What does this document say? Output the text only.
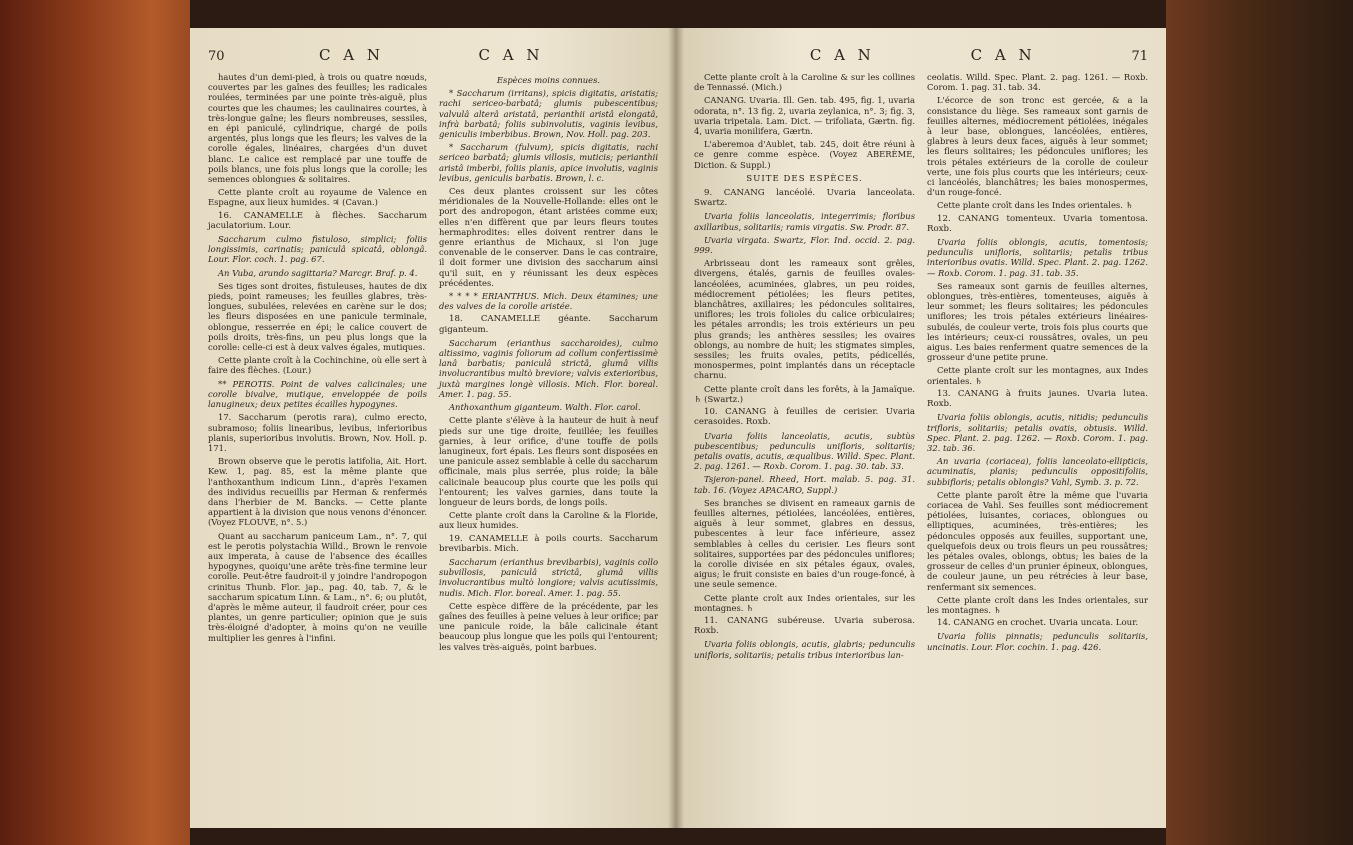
70	C A N	C A N

hautes d'un demi-pied, à trois ou quatre nœuds, couvertes par les gaînes des feuilles; les radicales roulées, terminées par une pointe très-aiguë, plus courtes que les chaumes; les caulinaires courtes, à très-longue gaîne; les fleurs nombreuses, sessiles, en épi paniculé, cylindrique, chargé de poils argentés, plus longs que les fleurs; les valves de la corolle égales, linéaires, chargées d'un duvet blanc. Le calice est remplacé par une touffe de poils blancs, une fois plus longs que la corolle; les semences oblongues & solitaires.

Cette plante croît au royaume de Valence en Espagne, aux lieux humides. ♃ (Cavan.)

16. CANAMELLE à flèches. Saccharum jaculatorium. Lour.

Saccharum culmo fistuloso, simplici; foliis longissimis, carinatis; paniculâ spicatâ, oblongâ. Lour. Flor. coch. 1. pag. 67.

An Vuba, arundo sagittaria? Marcgr. Braf. p. 4.

Ses tiges sont droites, fistuleuses, hautes de dix pieds, point rameuses; les feuilles glabres, très-longues, subulées, relevées en carène sur le dos; les fleurs disposées en une panicule terminale, oblongue, resserrée en épi; le calice couvert de poils droits, très-fins, un peu plus longs que la corolle: celle-ci est à deux valves égales, mutiques.

Cette plante croît à la Cochinchine, où elle sert à faire des flèches. (Lour.)

** PEROTIS. Point de valves calicinales; une corolle bivalve, mutique, enveloppée de poils lanugineux; deux petites écailles hypogynes.

17. Saccharum (perotis rara), culmo erecto, subramoso; foliis linearibus, levibus, inferioribus planis, superioribus involutis. Brown, Nov. Holl. p. 171.

Brown observe que le perotis latifolia, Ait. Hort. Kew. 1, pag. 85, est la même plante que l'anthoxanthum indicum Linn., d'après l'examen des individus recueillis par Herman & renfermés dans l'herbier de M. Bancks. — Cette plante appartient à la division que nous venons d'énoncer. (Voyez FLOUVE, n°. 5.)

Quant au saccharum paniceum Lam., n°. 7, qui est le perotis polystachia Willd., Brown le renvoie aux imperata, à cause de l'absence des écailles hypogynes, quoiqu'une arête très-fine termine leur corolle. Peut-être faudroit-il y joindre l'andropogon crinitus Thunb. Flor. jap., pag. 40, tab. 7, & le saccharum spicatum Linn. & Lam., n°. 6; ou plutôt, d'après le même auteur, il faudroit créer, pour ces plantes, un genre particulier; opinion que je suis très-éloigné d'adopter, à moins qu'on ne veuille multiplier les genres à l'infini.

Espèces moins connues.

* Saccharum (irritans), spicis digitatis, aristatis; rachi sericeo-barbatâ; glumis pubescentibus; valvulâ alterâ aristatâ, perianthii aristâ elongatâ, infrà barbatâ; foliis subinvolutis, vaginis levibus, geniculis imberbibus. Brown, Nov. Holl. pag. 203.

* Saccharum (fulvum), spicis digitatis, rachi sericeo barbatâ; glumis villosis, muticis; perianthii aristâ imberbi, foliis planis, apice involutis, vaginis levibus, geniculis barbatis. Brown, l. c.

Ces deux plantes croissent sur les côtes méridionales de la Nouvelle-Hollande: elles ont le port des andropogon, étant aristées comme eux; elles n'en diffèrent que par leurs fleurs toutes hermaphrodites: elles doivent rentrer dans le genre erianthus de Michaux, si l'on juge convenable de le conserver. Dans le cas contraire, il doit former une division des saccharum ainsi qu'il suit, en y réunissant les deux espèces précédentes.

* * * * ERIANTHUS. Mich. Deux étamines; une des valves de la corolle aristée.

18. CANAMELLE géante. Saccharum giganteum.

Saccharum (erianthus saccharoides), culmo altissimo, vaginis foliorum ad collum confertissimè lanâ barbatis; paniculâ strictâ, glumâ villis involucrantibus multò breviore; valvis exterioribus, juxtà margines longè villosis. Mich. Flor. boreal. Amer. 1. pag. 55.

Anthoxanthum giganteum. Walth. Flor. carol.

Cette plante s'élève à la hauteur de huit à neuf pieds sur une tige droite, feuillée; les feuilles garnies, à leur orifice, d'une touffe de poils lanugineux, fort épais. Les fleurs sont disposées en une panicule assez semblable à celle du saccharum officinale, mais plus serrée, plus roide; la bâle calicinale beaucoup plus courte que les poils qui l'entourent; les valves garnies, dans toute la longueur de leurs bords, de longs poils.

Cette plante croît dans la Caroline & la Floride, aux lieux humides.

19. CANAMELLE à poils courts. Saccharum brevibarbis. Mich.

Saccharum (erianthus brevibarbis), vaginis collo subvillosis, paniculâ strictâ, glumâ villis involucrantibus multò longiore; valvis acutissimis, nudis. Mich. Flor. boreal. Amer. 1. pag. 55.

Cette espèce diffère de la précédente, par les gaînes des feuilles à peine velues à leur orifice; par une panicule roide, la bâle calicinale étant beaucoup plus longue que les poils qui l'entourent; les valves très-aiguës, point barbues.

C A N	C A N	71

Cette plante croît à la Caroline & sur les collines de Tennassé. (Mich.)

CANANG. Uvaria. Ill. Gen. tab. 495, fig. 1, uvaria odorata, n°. 13 fig. 2, uvaria zeylanica, n°. 3; fig. 3, uvaria tripetala. Lam. Dict. — trifoliata, Gærtn. fig. 4, uvaria monilifera, Gærtn.

L'aberemoa d'Aublet, tab. 245, doit être réuni à ce genre comme espèce. (Voyez ABERÈME, Diction. & Suppl.)

SUITE DES ESPÈCES.

9. CANANG lancéolé. Uvaria lanceolata. Swartz.

Uvaria foliis lanceolatis, integerrimis; floribus axillaribus, solitariis; ramis virgatis. Sw. Prodr. 87.

Uvaria virgata. Swartz, Flor. Ind. occid. 2. pag. 999.

Arbrisseau dont les rameaux sont grêles, divergens, étalés, garnis de feuilles ovales-lancéolées, acuminées, glabres, un peu roides, médiocrement pétiolées; les fleurs petites, blanchâtres, axillaires; les pédoncules solitaires, uniflores; les trois folioles du calice orbiculaires; les pétales arrondis; les trois extérieurs un peu plus grands; les anthères sessiles; les ovaires oblongs, au nombre de huit; les stigmates simples, sessiles; les fruits ovales, petits, pédicellés, monospermes, point implantés dans un réceptacle charnu.

Cette plante croît dans les forêts, à la Jamaïque. ♄ (Swartz.)

10. CANANG à feuilles de cerisier. Uvaria cerasoides. Roxb.

Uvaria foliis lanceolatis, acutis, subtùs pubescentibus; pedunculis unifloris, solitariis; petalis ovatis, acutis, æqualibus. Willd. Spec. Plant. 2. pag. 1261. — Roxb. Corom. 1. pag. 30. tab. 33.

Tsjeron-panel. Rheed, Hort. malab. 5. pag. 31. tab. 16. (Voyez APACARO, Suppl.)

Ses branches se divisent en rameaux garnis de feuilles alternes, pétiolées, lancéolées, entières, aiguës à leur sommet, glabres en dessus, pubescentes à leur face inférieure, assez semblables à celles du cerisier. Les fleurs sont solitaires, supportées par des pédoncules uniflores; la corolle divisée en six pétales égaux, ovales, aigus; le fruit consiste en baies d'un rouge-foncé, à une seule semence.

Cette plante croît aux Indes orientales, sur les montagnes. ♄

11. CANANG subéreuse. Uvaria suberosa. Roxb.

Uvaria foliis oblongis, acutis, glabris; pedunculis unifloris, solitariis; petalis tribus interioribus lan-

ceolatis. Willd. Spec. Plant. 2. pag. 1261. — Roxb. Corom. 1. pag. 31. tab. 34.

L'écorce de son tronc est gercée, & a la consistance du liège. Ses rameaux sont garnis de feuilles alternes, médiocrement pétiolées, inégales à leur base, oblongues, lancéolées, entières, glabres à leurs deux faces, aiguës à leur sommet; les fleurs solitaires; les pédoncules uniflores; les trois pétales extérieurs de la corolle de couleur verte, une fois plus courts que les intérieurs; ceux-ci lancéolés, blanchâtres; les baies monospermes, d'un rouge-foncé.

Cette plante croît dans les Indes orientales. ♄

12. CANANG tomenteux. Uvaria tomentosa. Roxb.

Uvaria foliis oblongis, acutis, tomentosis; pedunculis unifloris, solitariis; petalis tribus interioribus ovatis. Willd. Spec. Plant. 2. pag. 1262. — Roxb. Corom. 1. pag. 31. tab. 35.

Ses rameaux sont garnis de feuilles alternes, oblongues, très-entières, tomenteuses, aiguës à leur sommet; les fleurs solitaires; les pédoncules uniflores; les trois pétales extérieurs linéaires-subulés, de couleur verte, trois fois plus courts que les intérieurs; ceux-ci roussâtres, ovales, un peu aigus. Les baies renferment quatre semences de la grosseur d'une petite prune.

Cette plante croît sur les montagnes, aux Indes orientales. ♄

13. CANANG à fruits jaunes. Uvaria lutea. Roxb.

Uvaria foliis oblongis, acutis, nitidis; pedunculis trifloris, solitariis; petalis ovatis, obtusis. Willd. Spec. Plant. 2. pag. 1262. — Roxb. Corom. 1. pag. 32. tab. 36.

An uvaria (coriacea), foliis lanceolato-ellipticis, acuminatis, planis; pedunculis oppositifoliis, subbifloris; petalis oblongis? Vahl, Symb. 3. p. 72.

Cette plante paroît être la même que l'uvaria coriacea de Vahl. Ses feuilles sont médiocrement pétiolées, luisantes, coriaces, oblongues ou elliptiques, acuminées, très-entières; les pédoncules opposés aux feuilles, supportant une, quelquefois deux ou trois fleurs un peu roussâtres; les pétales ovales, oblongs, obtus; les baies de la grosseur de celles d'un prunier épineux, oblongues, de couleur jaune, un peu rétrécies à leur base, renfermant six semences.

Cette plante croît dans les Indes orientales, sur les montagnes. ♄

14. CANANG en crochet. Uvaria uncata. Lour.

Uvaria foliis pinnatis; pedunculis solitariis, uncinatis. Lour. Flor. cochin. 1. pag. 426.
